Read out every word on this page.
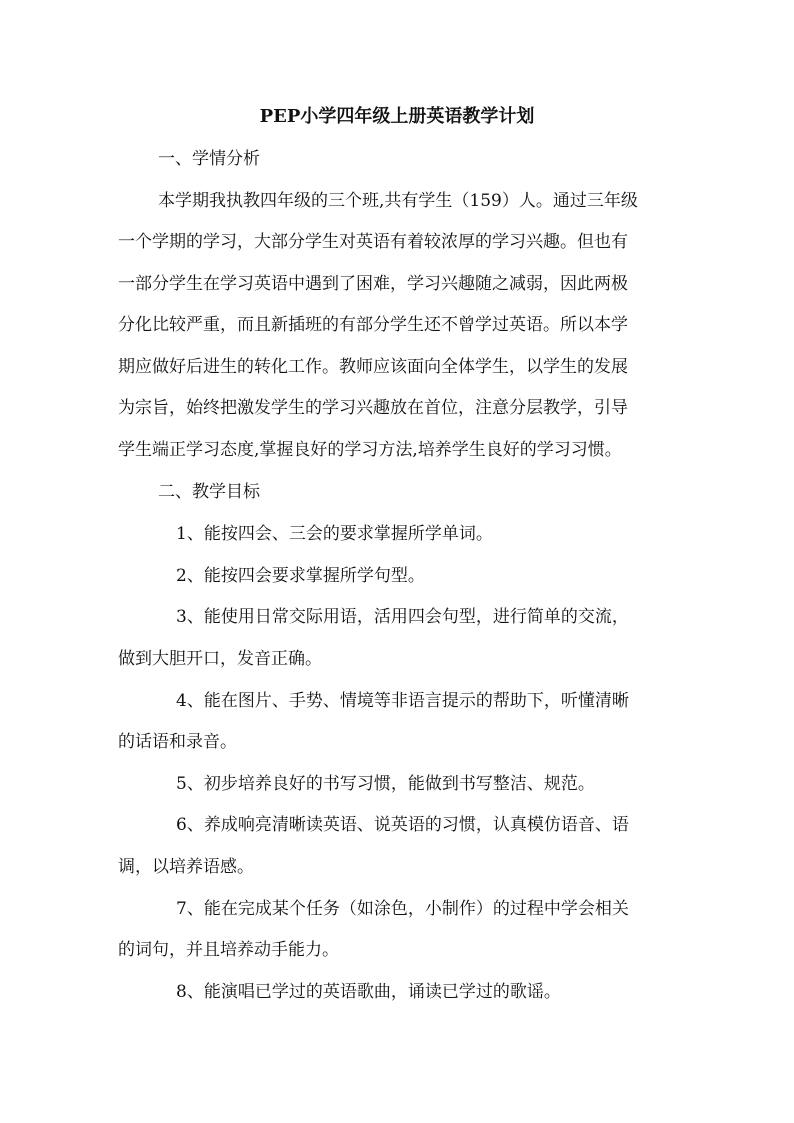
PEP小学四年级上册英语教学计划
一、学情分析
本学期我执教四年级的三个班,共有学生（159）人。通过三年级
一个学期的学习，大部分学生对英语有着较浓厚的学习兴趣。但也有
一部分学生在学习英语中遇到了困难，学习兴趣随之减弱，因此两极
分化比较严重，而且新插班的有部分学生还不曾学过英语。所以本学
期应做好后进生的转化工作。教师应该面向全体学生，以学生的发展
为宗旨，始终把激发学生的学习兴趣放在首位，注意分层教学，引导
学生端正学习态度,掌握良好的学习方法,培养学生良好的学习习惯。
二、教学目标
1、能按四会、三会的要求掌握所学单词。
2、能按四会要求掌握所学句型。
3、能使用日常交际用语，活用四会句型，进行简单的交流，
做到大胆开口，发音正确。
4、能在图片、手势、情境等非语言提示的帮助下，听懂清晰
的话语和录音。
5、初步培养良好的书写习惯，能做到书写整洁、规范。
6、养成响亮清晰读英语、说英语的习惯，认真模仿语音、语
调，以培养语感。
7、能在完成某个任务（如涂色，小制作）的过程中学会相关
的词句，并且培养动手能力。
8、能演唱已学过的英语歌曲，诵读已学过的歌谣。
